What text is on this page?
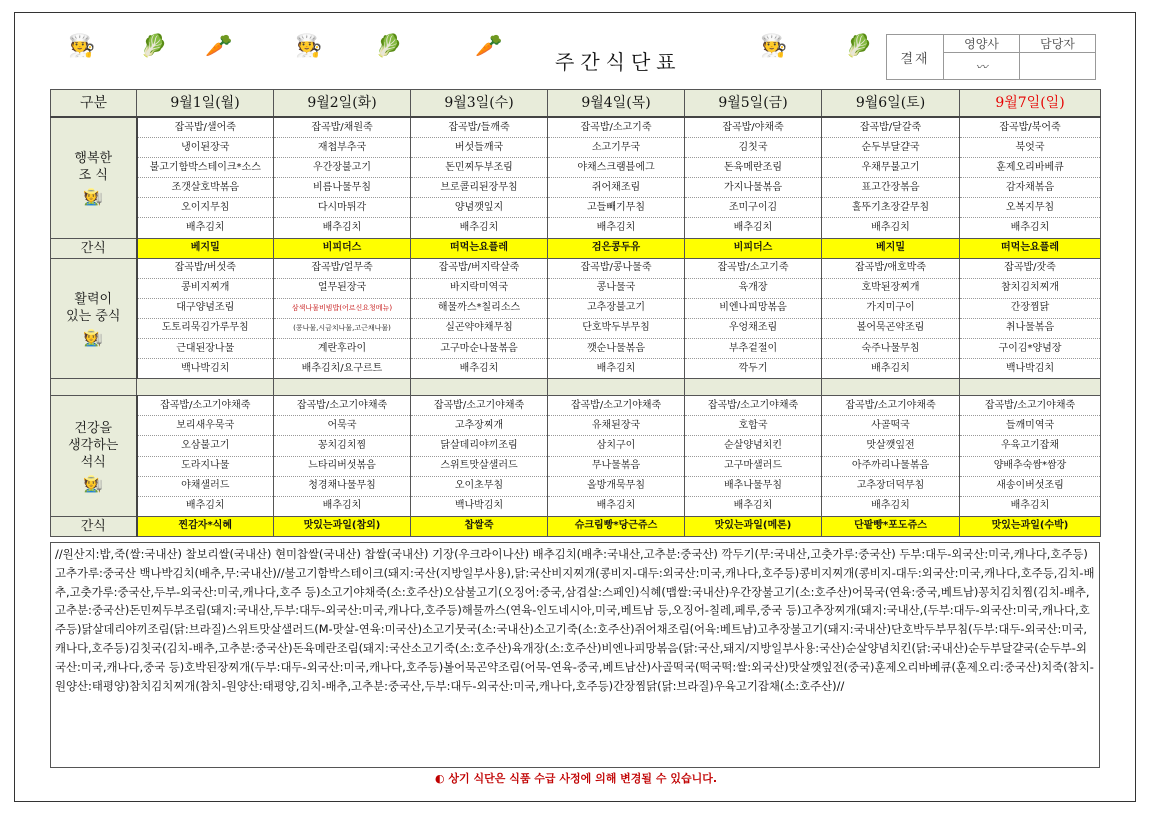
🧑‍🍳 🥬 🥕	🧑‍🍳 🥬	🥕	🧑‍🍳	🥬
주간식단표	결재	영양사	담당자
	〰	
구분	9월1일(월)	9월2일(화)	9월3일(수)	9월4일(목)	9월5일(금)	9월6일(토)	9월7일(일)

행복한
조 식
🧑‍🌾	잡곡밥/샐어죽	잡곡밥/채원죽	잡곡밥/들깨죽	잡곡밥/소고기죽	잡곡밥/야채죽	잡곡밥/달갈죽	잡곡밥/북어죽
	냉이된장국	재첩부추국	버섯들깨국	소고기무국	김칫국	순두부달걀국	북엇국
	불고기함박스테이크*소스	우간장불고기	돈민찌두부조림	야채스크램블에그	돈육메란조림	우채무불고기	훈제오리바베큐
	조갯살호박볶음	비름나물무침	브로콜리된장무침	쥐어채조림	가지나물볶음	표고간장볶음	감자채볶음
	오이지무침	다시마튀각	양념깻잎지	고들빼기무침	조미구이김	홀뚜기초장갈무침	오복지무침
	배추김치	배추김치	배추김치	배추김치	배추김치	배추김치	배추김치
간식	베지밀	비피더스	떠먹는요플레	검은콩두유	비피더스	베지밀	떠먹는요플레

활력이
있는 중식
🧑‍🌾	잡곡밥/버섯죽	잡곡밥/얼무죽	잡곡밥/버지락살죽	잡곡밥/콩나물죽	잡곡밥/소고기죽	잡곡밥/애호박죽	잡곡밥/잣죽
	콩비지찌개	얼무된장국	바지락미역국	콩나물국	육개장	호박된장찌개	참치김치찌개
	대구양념조림	삼색나물비빔밥(어르신요청메뉴)	해물까스*칠리소스	고추장불고기	비엔나피망볶음	가지미구이	간장찜닭
	도토리묵김가루무침	(콩나물,시금치나물,고근채나물)	실곤약야채무침	단호박두부무침	우엉채조림	볼어묵곤약조림	취나물볶음
	근대된장나물	계란후라이	고구마순나물볶음	깻순나물볶음	부추겉절이	숙주나물무침	구이김*양념장
	백나박김치	배추김치/요구르트	배추김치	배추김치	깍두기	배추김치	백나박김치

건강을
생각하는
석식
🧑‍🌾	잡곡밥/소고기야채죽	잡곡밥/소고기야채죽	잡곡밥/소고기야채죽	잡곡밥/소고기야채죽	잡곡밥/소고기야채죽	잡곡밥/소고기야채죽	잡곡밥/소고기야채죽
	보리새우묵국	어묵국	고추장찌개	유채된장국	호합국	사골떡국	들깨미역국
	오삼불고기	꽁치김치찜	닭살데리야끼조림	삼치구이	순살양념치킨	맛살깻잎전	우육고기잡채
	도라지나물	느타리버섯볶음	스위트맛살샐러드	무나물볶음	고구마샐러드	아주까리나물볶음	양배추숙쌈*쌈장
	야채샐러드	청경채나물무침	오이초무침	올방개묵무침	배추나물무침	고추장더덕무침	새송이버섯조림
	배추김치	배추김치	백나박김치	배추김치	배추김치	배추김치	배추김치
간식	찐감자*식혜	맛있는과일(참외)	찹쌀죽	슈크림빵*당근쥬스	맛있는과일(메론)	단팥빵*포도쥬스	맛있는과일(수박)
//원산지:밥,죽(쌀:국내산) 찰보리쌀(국내산) 현미찹쌀(국내산) 찹쌀(국내산) 기장(우크라이나산) 배추김치(배추:국내산,고추분:중국산) 깍두기(무:국내산,고춧가루:중국산) 두부:대두-외국산:미국,캐나다,호주등) 고추가루:중국산 백나박김치(배추,무:국내산)//불고기함박스테이크(돼지:국산(지방일부사용),닭:국산비지찌개(콩비지-대두:외국산:미국,캐나다,호주등)콩비지찌개(콩비지-대두:외국산:미국,캐나다,호주등,김치-배추,고춧가루:중국산,두부-외국산:미국,캐나다,호주 등)소고기야채죽(소:호주산)오삼불고기(오징어:중국,삼겹살:스페인)식혜(맵쌀:국내산)우간장불고기(소:호주산)어묵국(연육:중국,베트남)꽁치김치찜(김치-배추,고추분:중국산)돈민찌두부조림(돼지:국내산,두부:대두-외국산:미국,캐나다,호주등)해물까스(연육-인도네시아,미국,베트남 등,오징어-칠레,페루,중국 등)고추장찌개(돼지:국내산,(두부:대두-외국산:미국,캐나다,호주등)닭살데리야끼조림(닭:브라질)스위트맛살샐러드(M-맛살-연육:미국산)소고기뭇국(소:국내산)소고기죽(소:호주산)쥐어채조림(어육:베트남)고추장불고기(돼지:국내산)단호박두부무침(두부:대두-외국산:미국,캐나다,호주등)김칫국(김치-배추,고추분:중국산)돈육메란조림(돼지:국산소고기죽(소:호주산)육개장(소:호주산)비엔나피망볶음(닭:국산,돼지/지방일부사용:국산)순살양념치킨(닭:국내산)순두부달걀국(순두부-외국산:미국,캐나다,중국 등)호박된장찌개(두부:대두-외국산:미국,캐나다,호주등)볼어묵곤약조림(어묵-연육-중국,베트남산)사골떡국(떡국떡:쌀:외국산)맛살깻잎전(중국)훈제오리바베큐(훈제오리:중국산)치죽(참치-원양산:태평양)참치김치찌개(참치-원양산:태평양,김치-배추,고추분:중국산,두부:대두-외국산:미국,캐나다,호주등)간장찜닭(닭:브라질)우육고기잡채(소:호주산)//
◐ 상기 식단은 식품 수급 사정에 의해 변경될 수 있습니다.
